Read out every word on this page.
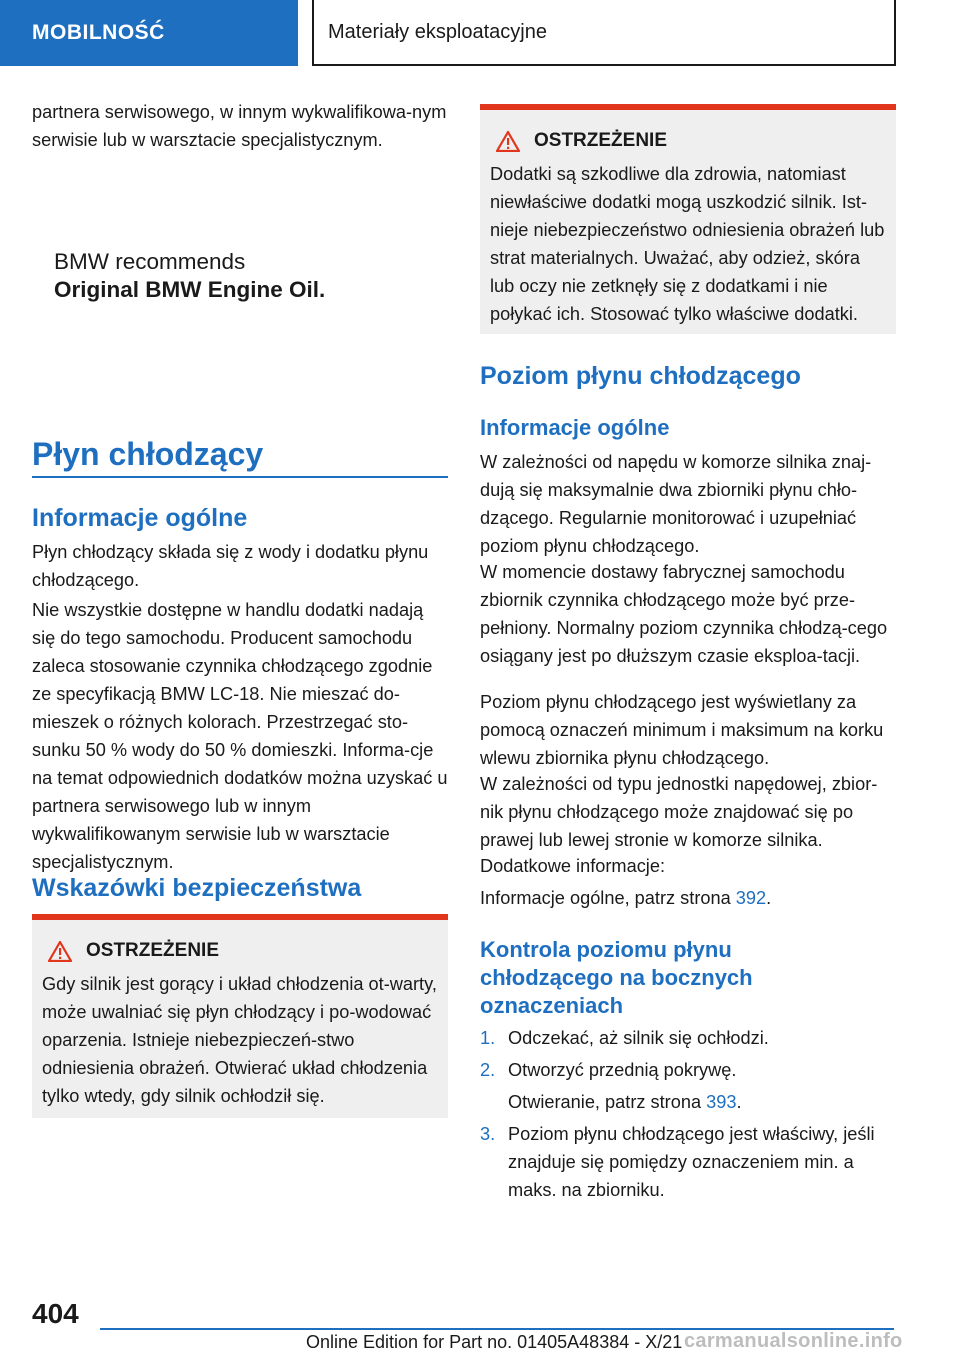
MOBILNOŚĆ	Materiały eksploatacyjne

partnera serwisowego, w innym wykwalifikowa-nym serwisie lub w warsztacie specjalistycznym.

BMW recommends
Original BMW Engine Oil.
Płyn chłodzący
Informacje ogólne

Płyn chłodzący składa się z wody i dodatku płynu chłodzącego.

Nie wszystkie dostępne w handlu dodatki nadają się do tego samochodu. Producent samochodu zaleca stosowanie czynnika chłodzącego zgodnie ze specyfikacją BMW LC-18. Nie mieszać do-mieszek o różnych kolorach. Przestrzegać sto-sunku 50 % wody do 50 % domieszki. Informa-cje na temat odpowiednich dodatków można uzyskać u partnera serwisowego lub w innym wykwalifikowanym serwisie lub w warsztacie specjalistycznym.

Wskazówki bezpieczeństwa
OSTRZEŻENIE

Gdy silnik jest gorący i układ chłodzenia ot-warty, może uwalniać się płyn chłodzący i po-wodować oparzenia. Istnieje niebezpieczeń-stwo odniesienia obrażeń. Otwierać układ chłodzenia tylko wtedy, gdy silnik ochłodził się.

OSTRZEŻENIE

Dodatki są szkodliwe dla zdrowia, natomiast niewłaściwe dodatki mogą uszkodzić silnik. Ist-nieje niebezpieczeństwo odniesienia obrażeń lub strat materialnych. Uważać, aby odzież, skóra lub oczy nie zetknęły się z dodatkami i nie połykać ich. Stosować tylko właściwe dodatki.

Poziom płynu chłodzącego
Informacje ogólne

W zależności od napędu w komorze silnika znaj-dują się maksymalnie dwa zbiorniki płynu chło-dzącego. Regularnie monitorować i uzupełniać poziom płynu chłodzącego.

W momencie dostawy fabrycznej samochodu zbiornik czynnika chłodzącego może być prze-pełniony. Normalny poziom czynnika chłodzą-cego osiągany jest po dłuższym czasie eksploa-tacji.

Poziom płynu chłodzącego jest wyświetlany za pomocą oznaczeń minimum i maksimum na korku wlewu zbiornika płynu chłodzącego.

W zależności od typu jednostki napędowej, zbior-nik płynu chłodzącego może znajdować się po prawej lub lewej stronie w komorze silnika.

Dodatkowe informacje:

Informacje ogólne, patrz strona 392.

Kontrola poziomu płynu
chłodzącego na bocznych
oznaczeniach
1. Odczekać, aż silnik się ochłodzi.
2. Otworzyć przednią pokrywę.
Otwieranie, patrz strona 393.
3. Poziom płynu chłodzącego jest właściwy, jeśli znajduje się pomiędzy oznaczeniem min. a maks. na zbiorniku.
404
Online Edition for Part no. 01405A48384 - X/21 carmanualsonline.info
